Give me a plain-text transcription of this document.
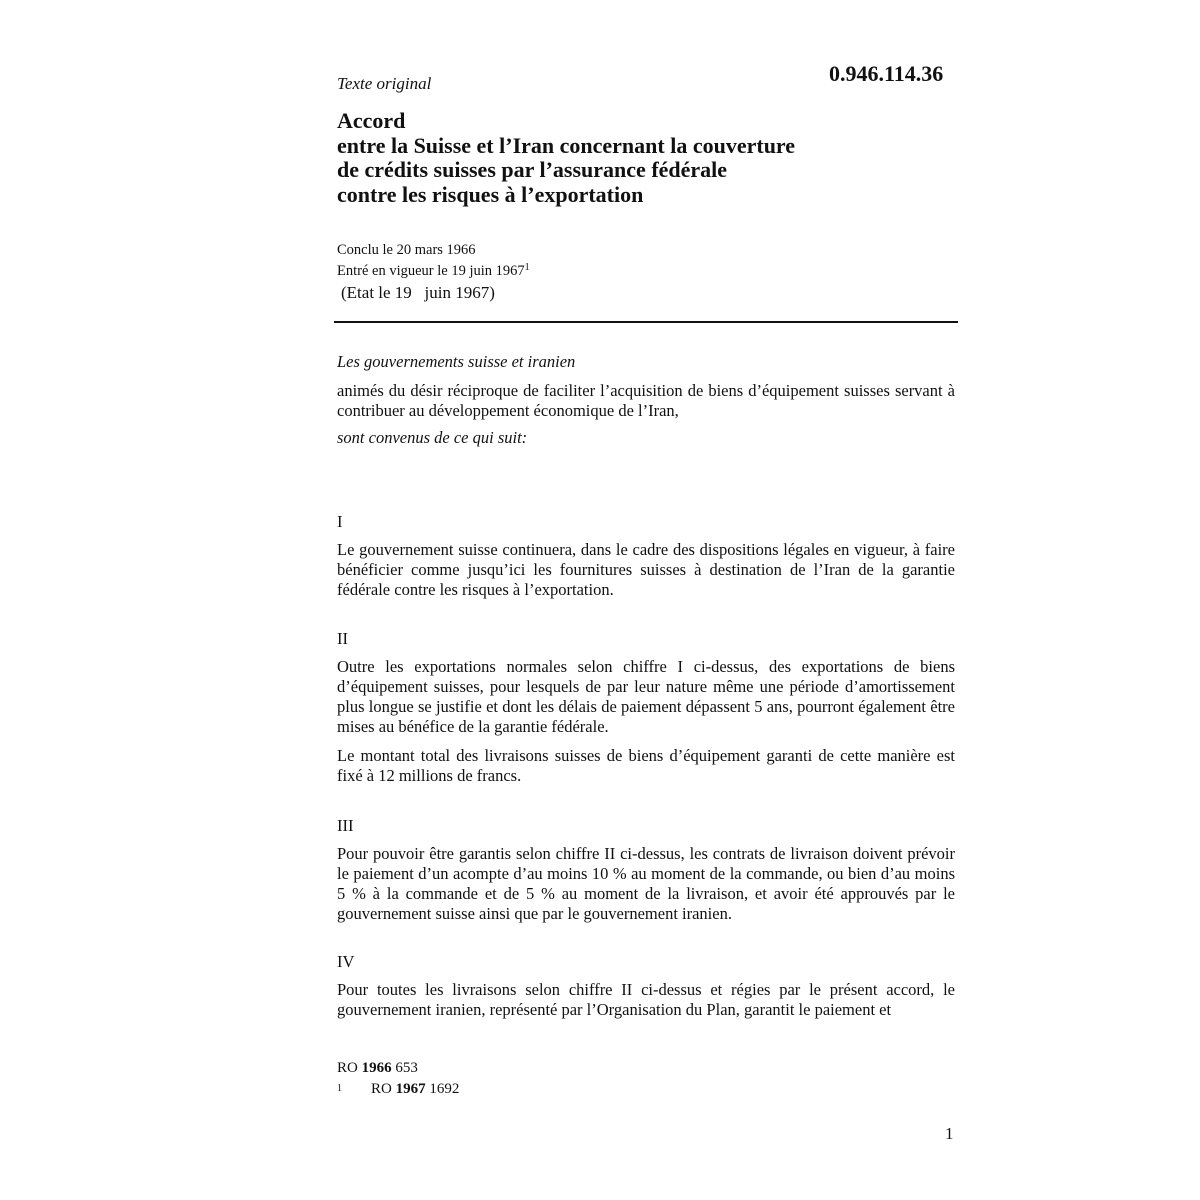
Texte original	0.946.114.36
Accord
entre la Suisse et l’Iran concernant la couverture
de crédits suisses par l’assurance fédérale
contre les risques à l’exportation
Conclu le 20 mars 1966
Entré en vigueur le 19 juin 1967$^1$
(Etat le 19   juin 1967)
Les gouvernements suisse et iranien
animés du désir réciproque de faciliter l’acquisition de biens d’équipement suisses servant à contribuer au développement économique de l’Iran,
sont convenus de ce qui suit:
I
Le gouvernement suisse continuera, dans le cadre des dispositions légales en vigueur, à faire bénéficier comme jusqu’ici les fournitures suisses à destination de l’Iran de la garantie fédérale contre les risques à l’exportation.
II
Outre les exportations normales selon chiffre I ci-dessus, des exportations de biens d’équipement suisses, pour lesquels de par leur nature même une période d’amortissement plus longue se justifie et dont les délais de paiement dépassent 5 ans, pourront également être mises au bénéfice de la garantie fédérale.
Le montant total des livraisons suisses de biens d’équipement garanti de cette manière est fixé à 12 millions de francs.
III
Pour pouvoir être garantis selon chiffre II ci-dessus, les contrats de livraison doivent prévoir le paiement d’un acompte d’au moins 10 % au moment de la commande, ou bien d’au moins 5 % à la commande et de 5 % au moment de la livraison, et avoir été approuvés par le gouvernement suisse ainsi que par le gouvernement iranien.
IV
Pour toutes les livraisons selon chiffre II ci-dessus et régies par le présent accord, le gouvernement iranien, représenté par l’Organisation du Plan, garantit le paiement et
RO 1966 653
$^1$ RO 1967 1692
1
